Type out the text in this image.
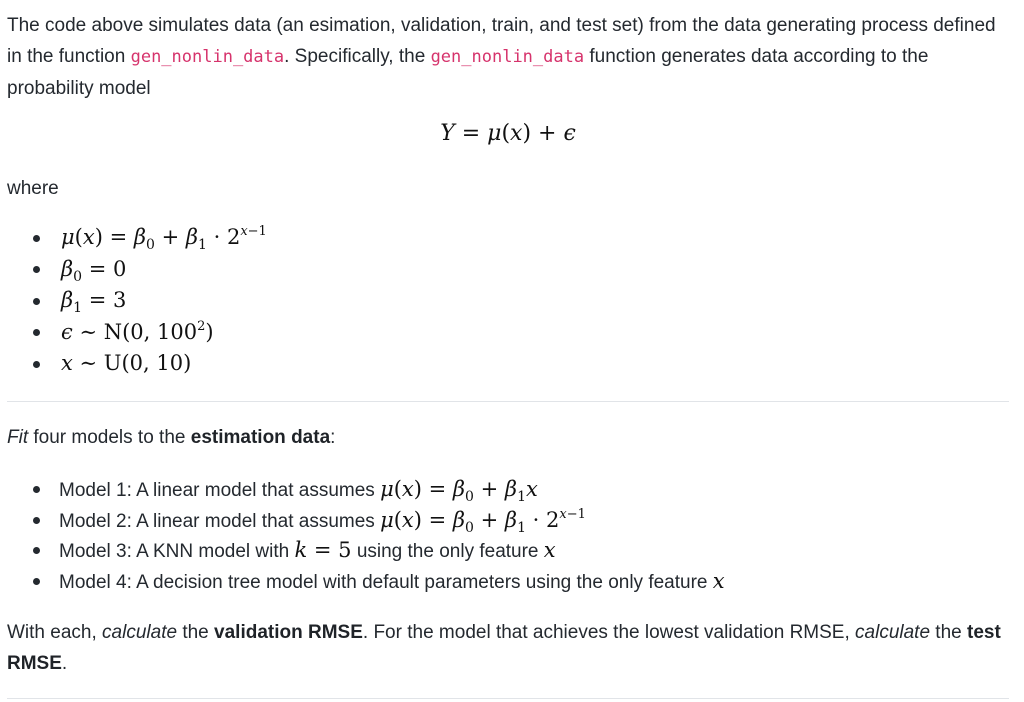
The code above simulates data (an esimation, validation, train, and test set) from the data generating process defined in the function gen_nonlin_data. Specifically, the gen_nonlin_data function generates data according to the probability model

Y = μ(x) + ϵ

where

$\mu(x) = \beta_0 + \beta_1 \cdot 2^{x-1}$
$\beta_0 = 0$
$\beta_1 = 3$
ϵ ∼ N(0, $100^2$)
x ∼ U(0, 10)

Fit four models to the estimation data:

Model 1: A linear model that assumes $\mu(x) = \beta_0 + \beta_1x$
Model 2: A linear model that assumes $\mu(x) = \beta_0 + \beta_1 \cdot 2^{x-1}$
Model 3: A KNN model with k = 5 using the only feature x
Model 4: A decision tree model with default parameters using the only feature x

With each, calculate the validation RMSE. For the model that achieves the lowest validation RMSE, calculate the test RMSE.
